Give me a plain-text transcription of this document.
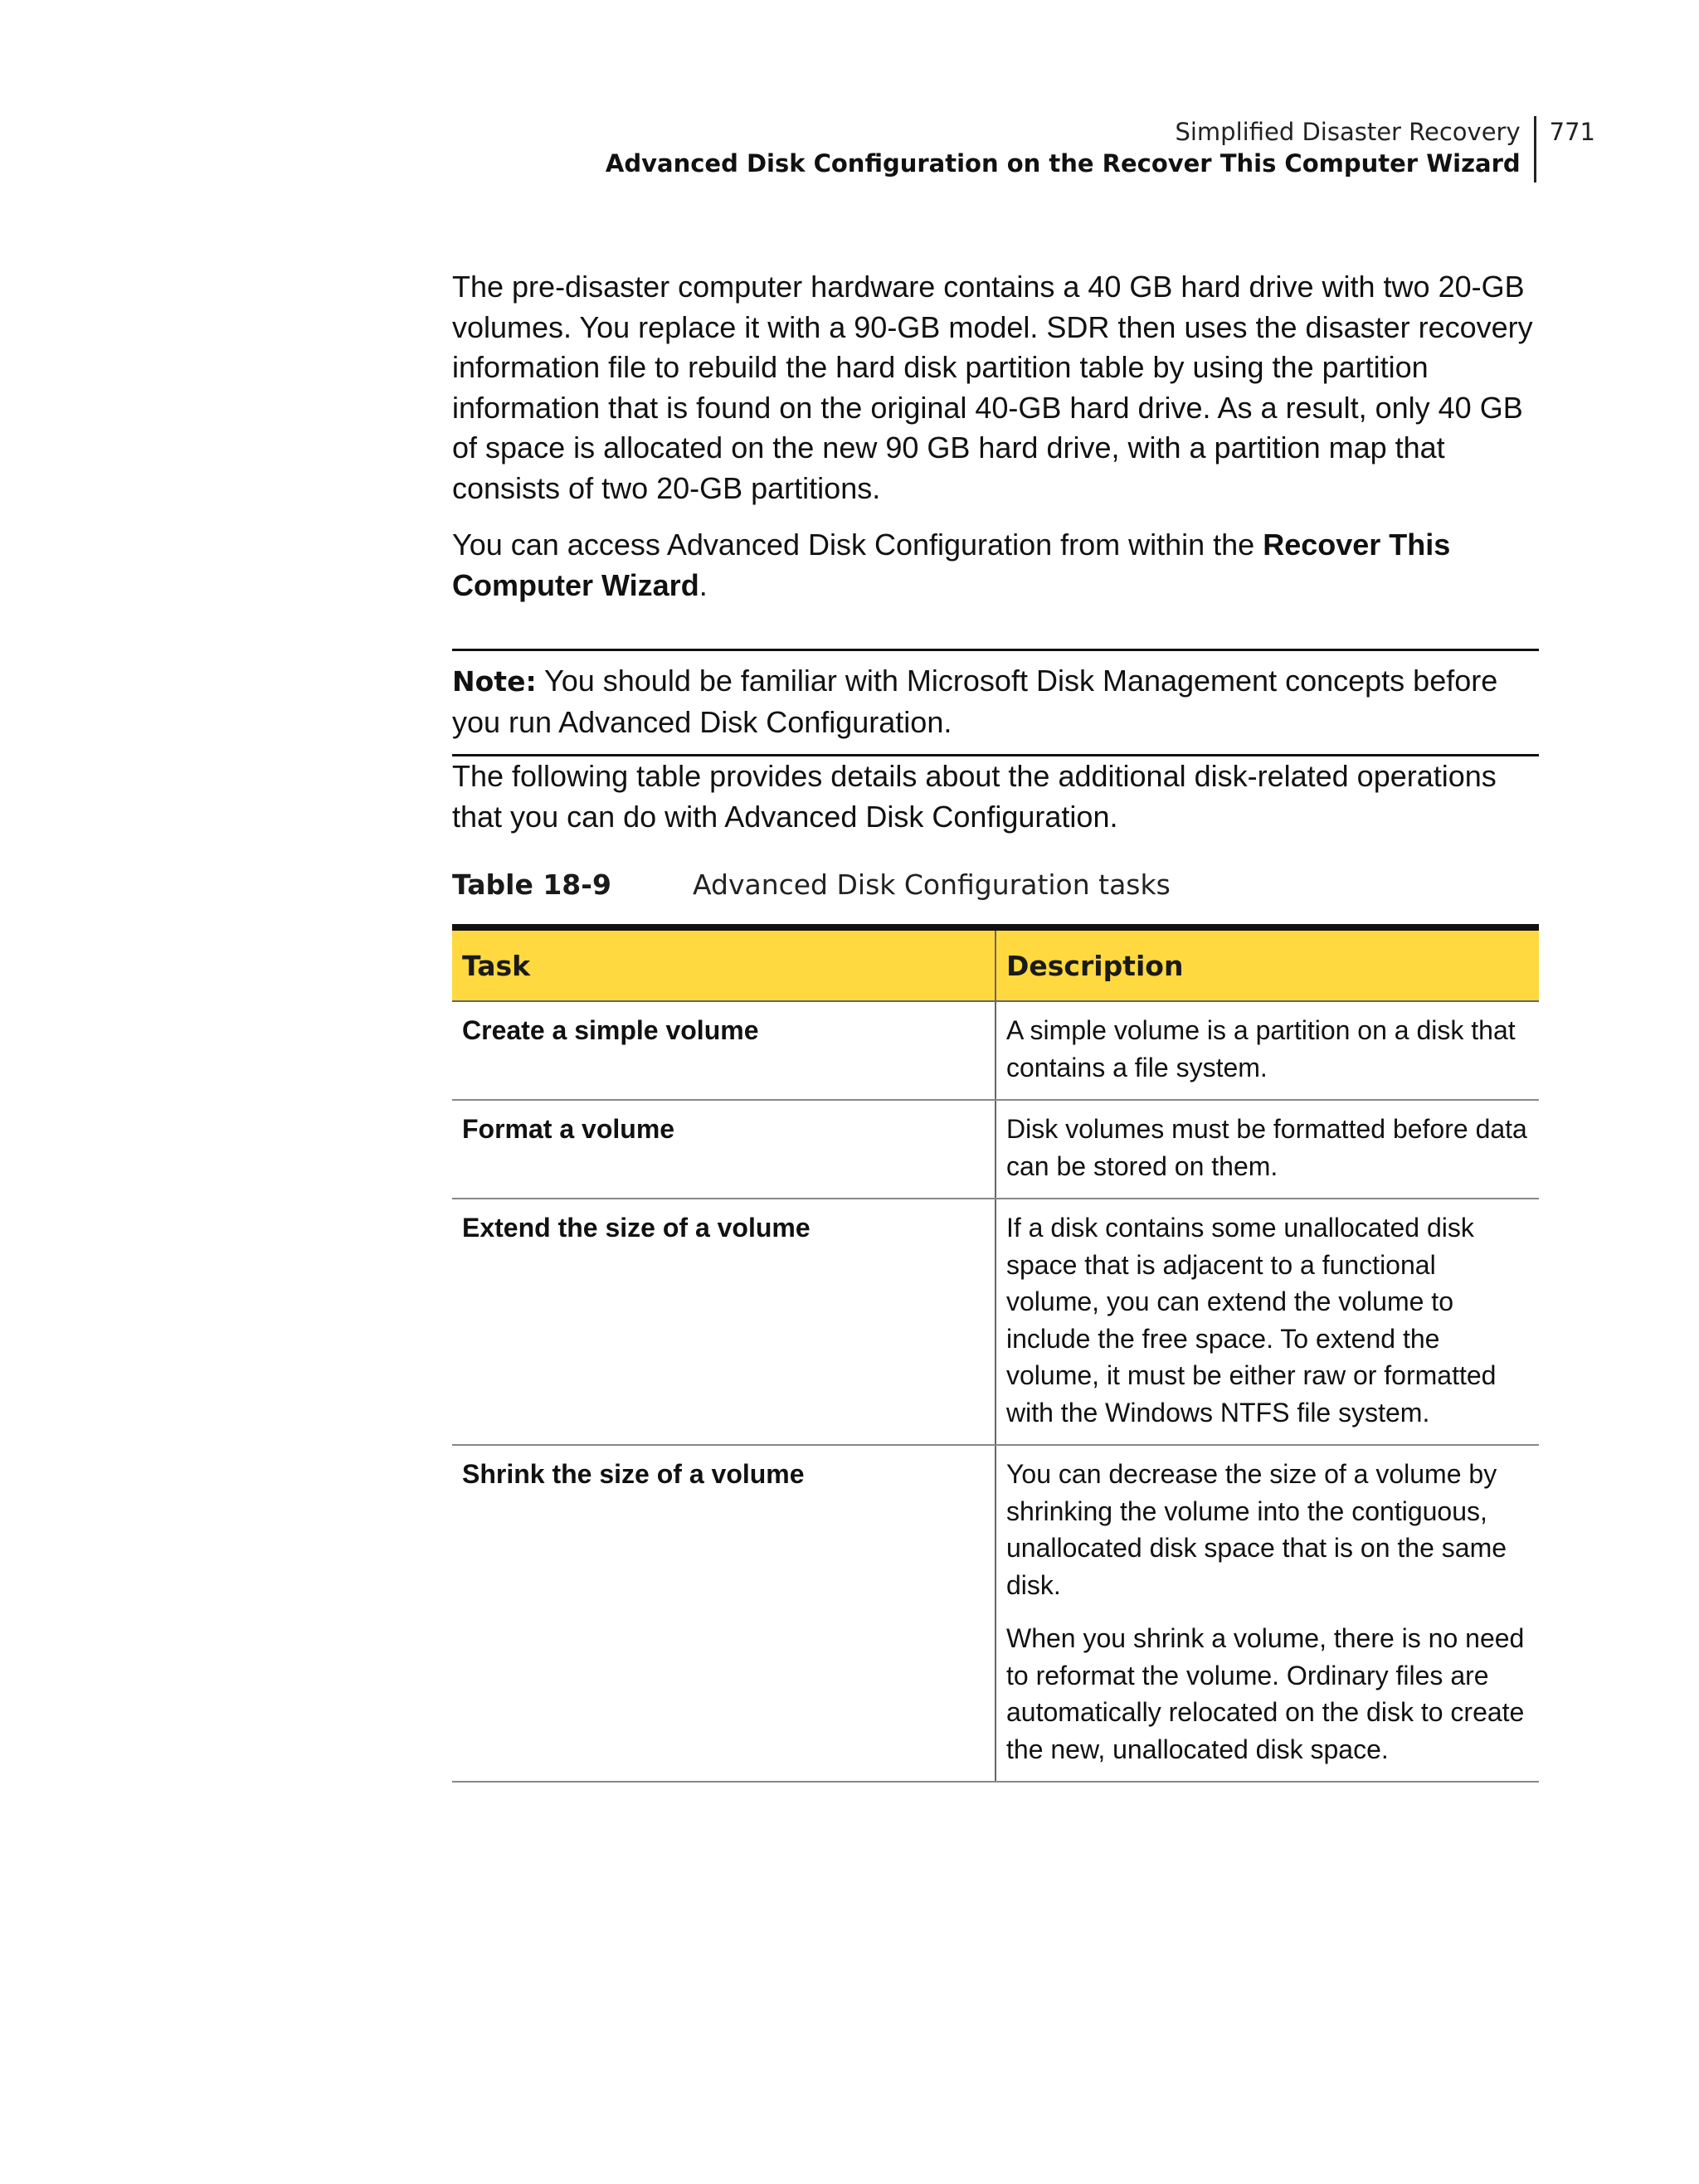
Simplified Disaster Recovery
Advanced Disk Configuration on the Recover This Computer Wizard
771

The pre-disaster computer hardware contains a 40 GB hard drive with two 20-GB volumes. You replace it with a 90-GB model. SDR then uses the disaster recovery information file to rebuild the hard disk partition table by using the partition information that is found on the original 40-GB hard drive. As a result, only 40 GB of space is allocated on the new 90 GB hard drive, with a partition map that consists of two 20-GB partitions.

You can access Advanced Disk Configuration from within the Recover This Computer Wizard.

Note: You should be familiar with Microsoft Disk Management concepts before you run Advanced Disk Configuration.

The following table provides details about the additional disk-related operations that you can do with Advanced Disk Configuration.

Table 18-9	Advanced Disk Configuration tasks
Task	Description
Create a simple volume	A simple volume is a partition on a disk that contains a file system.

Format a volume	Disk volumes must be formatted before data can be stored on them.

Extend the size of a volume	If a disk contains some unallocated disk space that is adjacent to a functional volume, you can extend the volume to include the free space. To extend the volume, it must be either raw or formatted with the Windows NTFS file system.

Shrink the size of a volume	You can decrease the size of a volume by shrinking the volume into the contiguous, unallocated disk space that is on the same disk.
When you shrink a volume, there is no need to reformat the volume. Ordinary files are automatically relocated on the disk to create the new, unallocated disk space.
